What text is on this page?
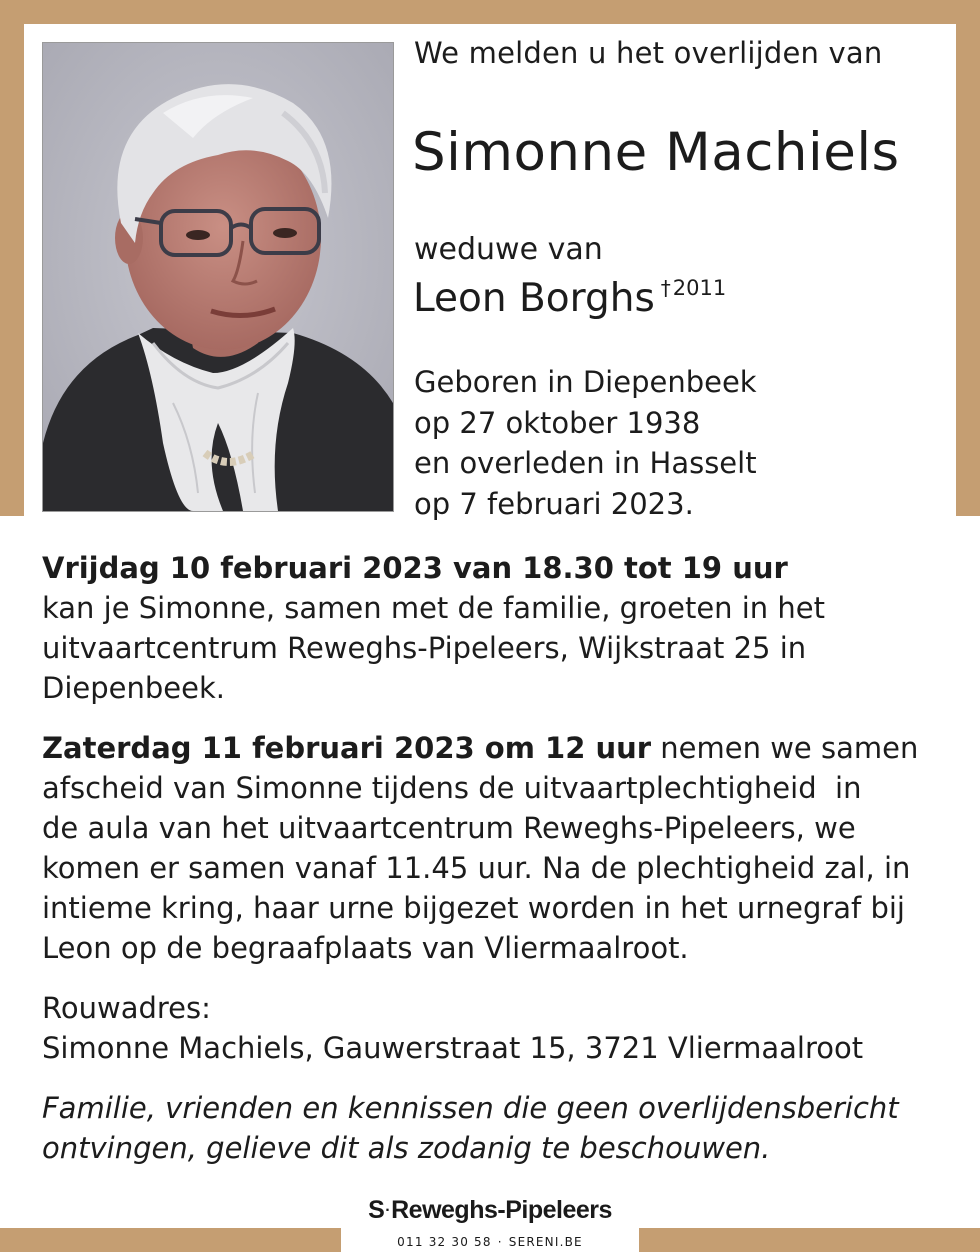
We melden u het overlijden van
Simonne Machiels
weduwe van
Leon Borghs $^{\dagger 2011}$
Geboren in Diepenbeek
op 27 oktober 1938
en overleden in Hasselt
op 7 februari 2023.
Vrijdag 10 februari 2023 van 18.30 tot 19 uur
kan je Simonne, samen met de familie, groeten in het
uitvaartcentrum Reweghs-Pipeleers, Wijkstraat 25 in
Diepenbeek.
Zaterdag 11 februari 2023 om 12 uur nemen we samen
afscheid van Simonne tijdens de uitvaartplechtigheid  in
de aula van het uitvaartcentrum Reweghs-Pipeleers, we
komen er samen vanaf 11.45 uur. Na de plechtigheid zal, in
intieme kring, haar urne bijgezet worden in het urnegraf bij
Leon op de begraafplaats van Vliermaalroot.
Rouwadres:
Simonne Machiels, Gauwerstraat 15, 3721 Vliermaalroot
Familie, vrienden en kennissen die geen overlijdensbericht
ontvingen, gelieve dit als zodanig te beschouwen.
S·Reweghs-Pipeleers
011 32 30 58 · SERENI.BE
